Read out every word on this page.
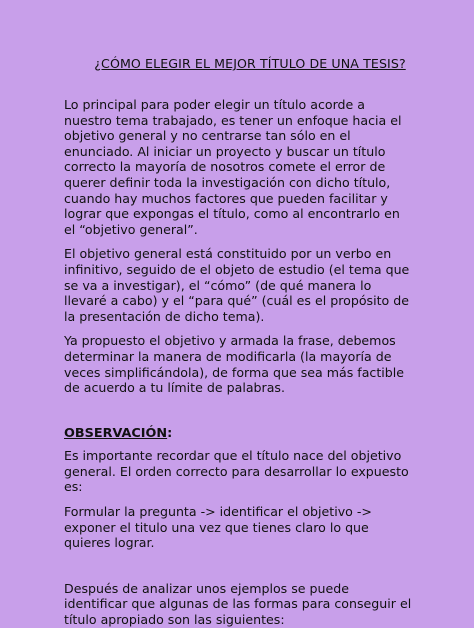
¿CÓMO ELEGIR EL MEJOR TÍTULO DE UNA TESIS?

Lo principal para poder elegir un título acorde a nuestro tema trabajado, es tener un enfoque hacia el objetivo general y no centrarse tan sólo en el enunciado. Al iniciar un proyecto y buscar un título correcto la mayoría de nosotros comete el error de querer definir toda la investigación con dicho título, cuando hay muchos factores que pueden facilitar y lograr que expongas el título, como al encontrarlo en el “objetivo general”.

El objetivo general está constituido por un verbo en infinitivo, seguido de el objeto de estudio (el tema que se va a investigar), el “cómo” (de qué manera lo llevaré a cabo) y el “para qué” (cuál es el propósito de la presentación de dicho tema).

Ya propuesto el objetivo y armada la frase, debemos determinar la manera de modificarla (la mayoría de veces simplificándola), de forma que sea más factible de acuerdo a tu límite de palabras.

OBSERVACIÓN:

Es importante recordar que el título nace del objetivo general. El orden correcto para desarrollar lo expuesto es:

Formular la pregunta -> identificar el objetivo -> exponer el titulo una vez que tienes claro lo que quieres lograr.

Después de analizar unos ejemplos se puede identificar que algunas de las formas para conseguir el título apropiado son las siguientes:
